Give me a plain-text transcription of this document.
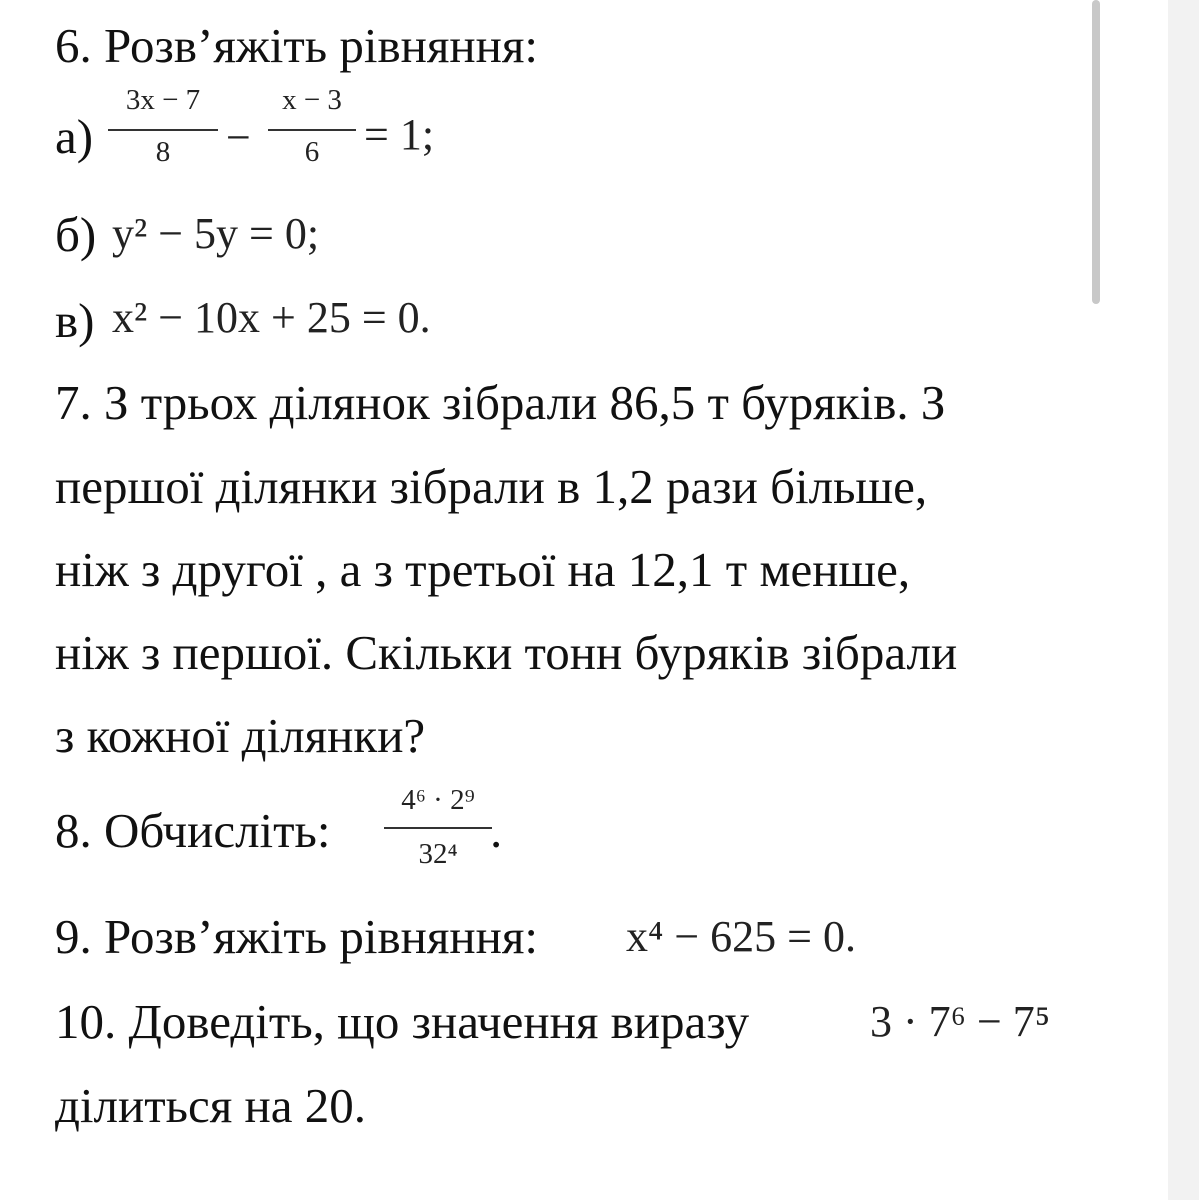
6. Розв’яжіть рівняння:
а)
3x − 7
8	−
x − 3
6	= 1;
б) y² − 5y = 0;
в) x² − 10x + 25 = 0.
7. З трьох ділянок зібрали 86,5 т буряків. З
першої ділянки зібрали в 1,2 рази більше,
ніж з другої , а з третьої на 12,1 т менше,
ніж з першої. Скільки тонн буряків зібрали
з кожної ділянки?
8. Обчисліть:
4⁶ · 2⁹
32⁴ .
9. Розв’яжіть рівняння: x⁴ − 625 = 0.
10. Доведіть, що значення виразу	3 · 7⁶ − 7⁵
ділиться на 20.
